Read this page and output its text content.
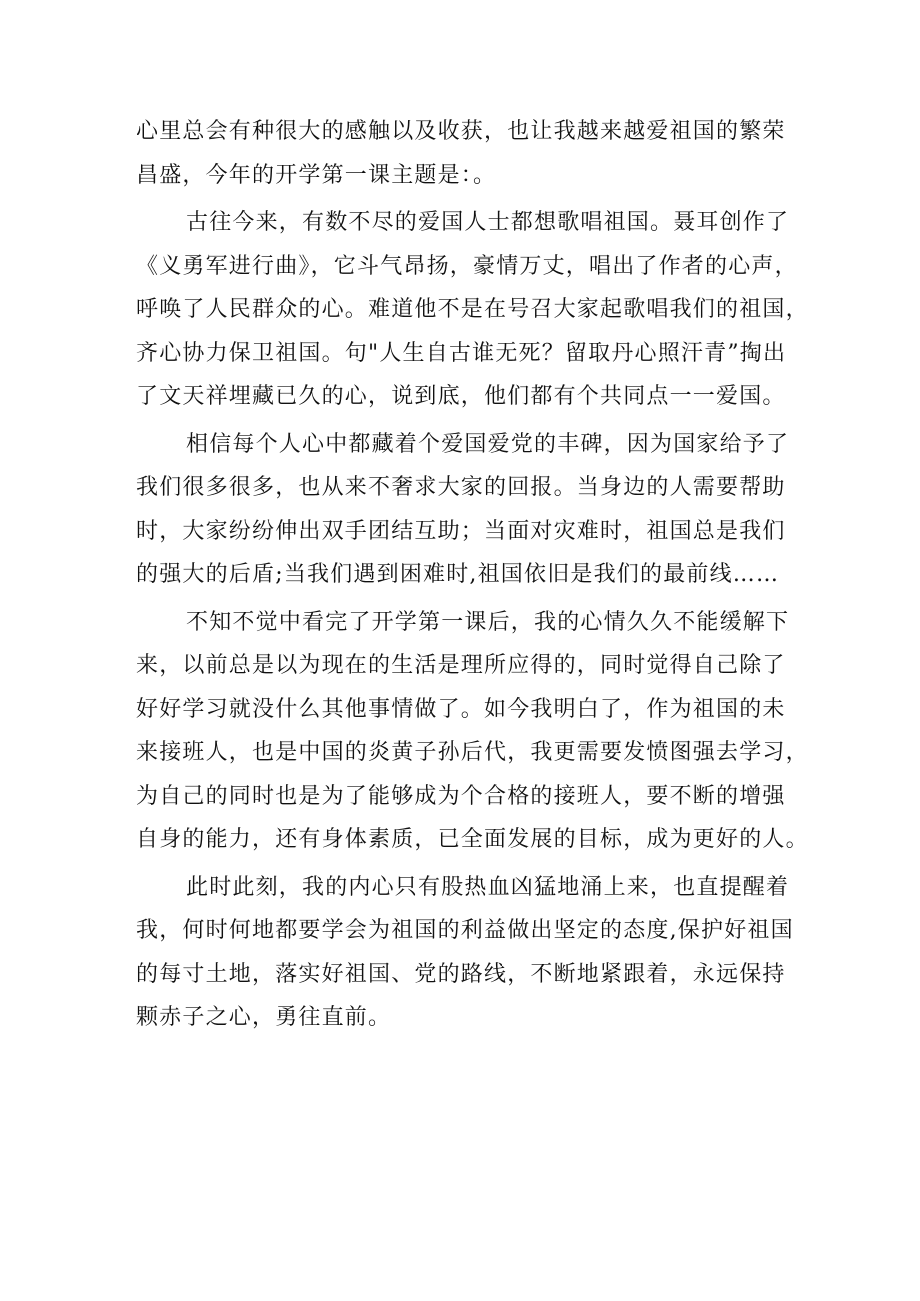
心里总会有种很大的感触以及收获，也让我越来越爱祖国的繁荣
昌盛，今年的开学第一课主题是：。

古往今来，有数不尽的爱国人士都想歌唱祖国。聂耳创作了
《义勇军进行曲》，它斗气昂扬，豪情万丈，唱出了作者的心声，
呼唤了人民群众的心。难道他不是在号召大家起歌唱我们的祖国，
齐心协力保卫祖国。句"人生自古谁无死？留取丹心照汗青”掏出
了文天祥埋藏已久的心，说到底，他们都有个共同点一一爱国。

相信每个人心中都藏着个爱国爱党的丰碑，因为国家给予了
我们很多很多，也从来不奢求大家的回报。当身边的人需要帮助
时，大家纷纷伸出双手团结互助；当面对灾难时，祖国总是我们
的强大的后盾;当我们遇到困难时,祖国依旧是我们的最前线……

不知不觉中看完了开学第一课后，我的心情久久不能缓解下
来，以前总是以为现在的生活是理所应得的，同时觉得自己除了
好好学习就没什么其他事情做了。如今我明白了，作为祖国的未
来接班人，也是中国的炎黄子孙后代，我更需要发愤图强去学习，
为自己的同时也是为了能够成为个合格的接班人，要不断的增强
自身的能力，还有身体素质，已全面发展的目标，成为更好的人。

此时此刻，我的内心只有股热血凶猛地涌上来，也直提醒着
我，何时何地都要学会为祖国的利益做出坚定的态度,保护好祖国
的每寸土地，落实好祖国、党的路线，不断地紧跟着，永远保持
颗赤子之心，勇往直前。
